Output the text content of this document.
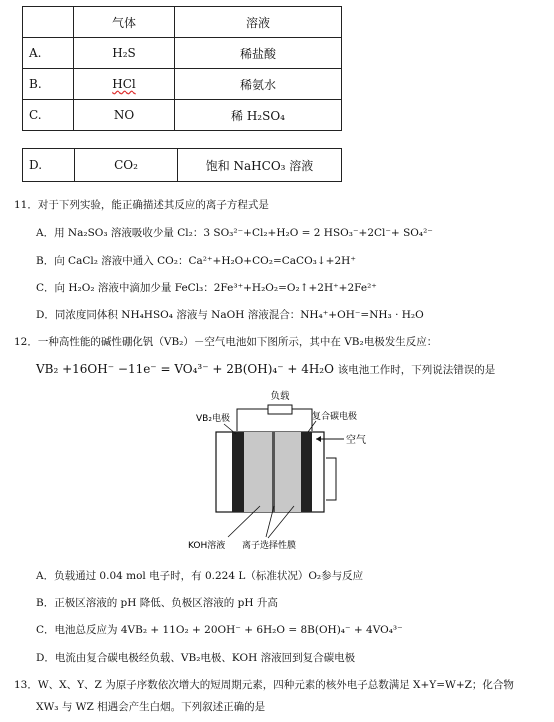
	气体	溶液
A.	H₂S	稀盐酸
B.	HCl	稀氨水
C.	NO	稀 H₂SO₄
D.	CO₂	饱和 NaHCO₃ 溶液
11．对于下列实验，能正确描述其反应的离子方程式是
A．用 Na₂SO₃ 溶液吸收少量 Cl₂：3 SO₃²⁻+Cl₂+H₂O = 2 HSO₃⁻+2Cl⁻+ SO₄²⁻
B．向 CaCl₂ 溶液中通入 CO₂：Ca²⁺+H₂O+CO₂=CaCO₃↓+2H⁺
C．向 H₂O₂ 溶液中滴加少量 FeCl₃：2Fe³⁺+H₂O₂=O₂↑+2H⁺+2Fe²⁺
D．同浓度同体积 NH₄HSO₄ 溶液与 NaOH 溶液混合：NH₄⁺+OH⁻=NH₃ · H₂O
12．一种高性能的碱性硼化钒（VB₂）－空气电池如下图所示，其中在 VB₂电极发生反应：
VB₂ +16OH⁻ −11e⁻ = VO₄³⁻ + 2B(OH)₄⁻ + 4H₂O 该电池工作时，下列说法错误的是
负载
VB₂电极	复合碳电极
空气
KOH溶液 离子选择性膜
A．负载通过 0.04 mol 电子时，有 0.224 L（标准状况）O₂参与反应
B．正极区溶液的 pH 降低、负极区溶液的 pH 升高
C．电池总反应为 4VB₂ + 11O₂ + 20OH⁻ + 6H₂O = 8B(OH)₄⁻ + 4VO₄³⁻
D．电流由复合碳电极经负载、VB₂电极、KOH 溶液回到复合碳电极
13．W、X、Y、Z 为原子序数依次增大的短周期元素，四种元素的核外电子总数满足 X+Y=W+Z；化合物
XW₃ 与 WZ 相遇会产生白烟。下列叙述正确的是
